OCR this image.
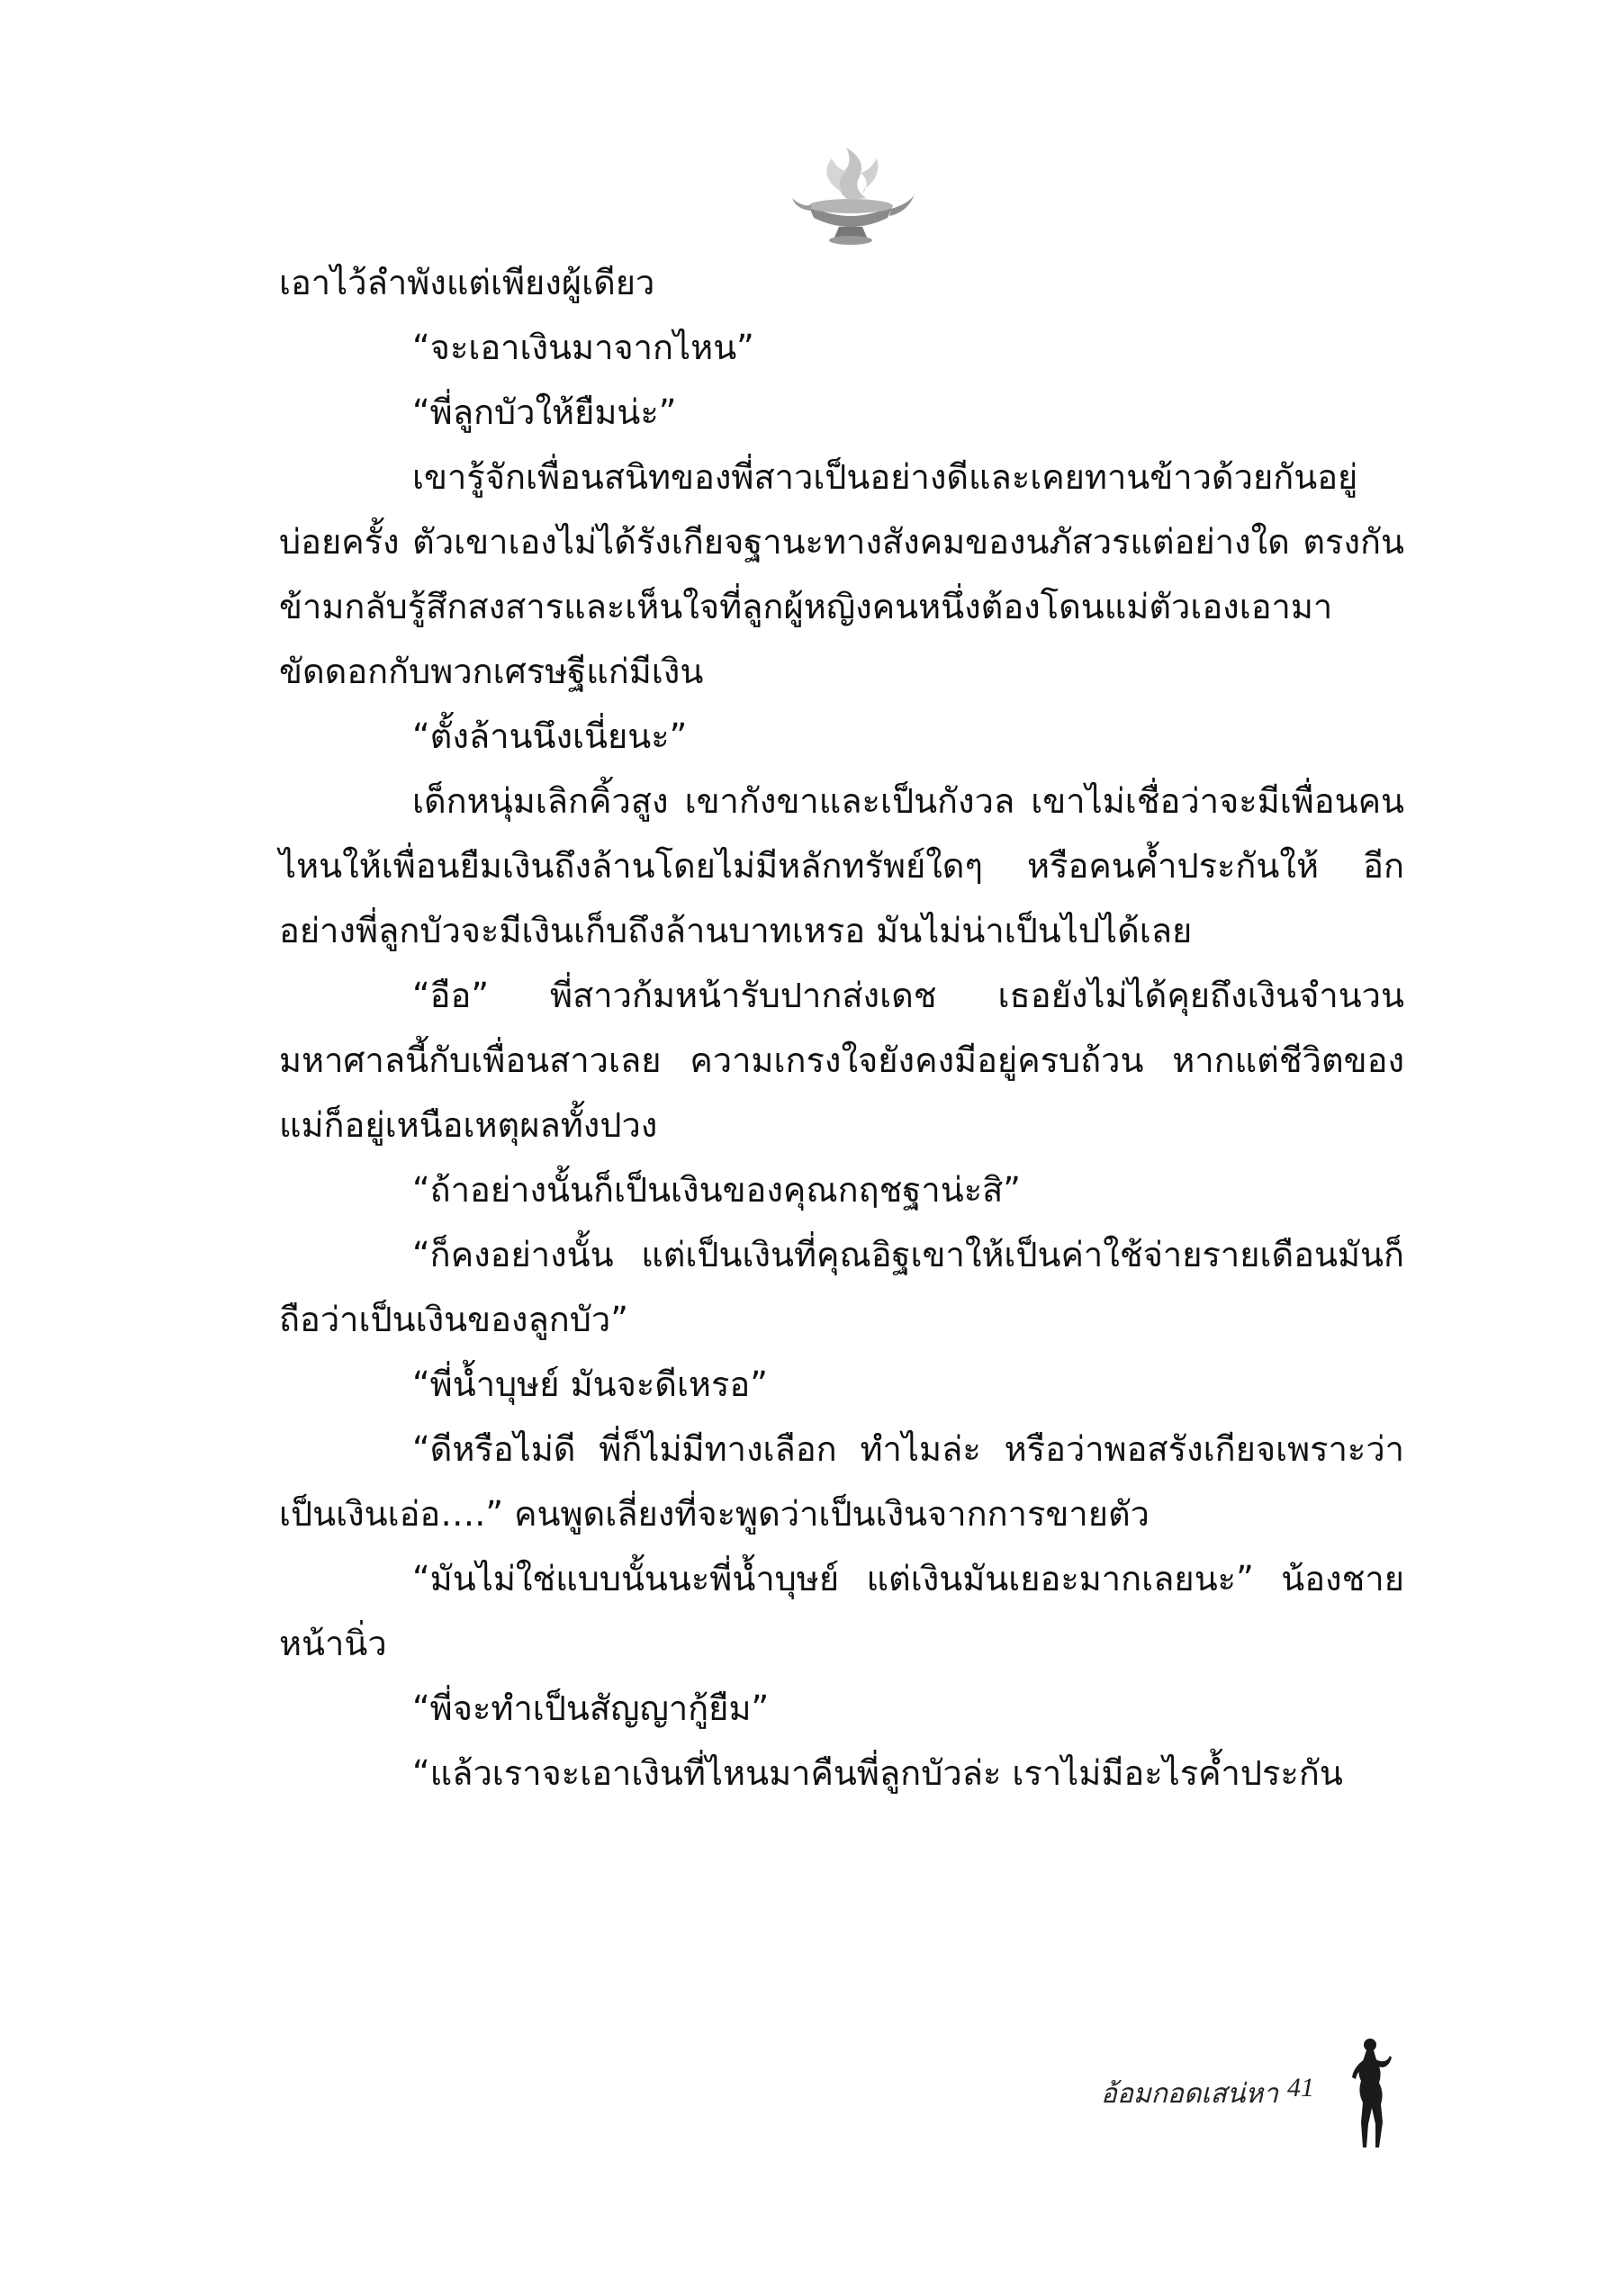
เอาไว้ลำพังแต่เพียงผู้เดียว

“จะเอาเงินมาจากไหน”

“พี่ลูกบัวให้ยืมน่ะ”

เขารู้จักเพื่อนสนิทของพี่สาวเป็นอย่างดีและเคยทานข้าวด้วยกันอยู่บ่อยครั้ง ตัวเขาเองไม่ได้รังเกียจฐานะทางสังคมของนภัสวรแต่อย่างใด ตรงกันข้ามกลับรู้สึกสงสารและเห็นใจที่ลูกผู้หญิงคนหนึ่งต้องโดนแม่ตัวเองเอามาขัดดอกกับพวกเศรษฐีแก่มีเงิน

“ตั้งล้านนึงเนี่ยนะ”

เด็กหนุ่มเลิกคิ้วสูง เขากังขาและเป็นกังวล เขาไม่เชื่อว่าจะมีเพื่อนคนไหนให้เพื่อนยืมเงินถึงล้านโดยไม่มีหลักทรัพย์ใดๆ หรือคนค้ำประกันให้ อีกอย่างพี่ลูกบัวจะมีเงินเก็บถึงล้านบาทเหรอ มันไม่น่าเป็นไปได้เลย

“อือ” พี่สาวก้มหน้ารับปากส่งเดช เธอยังไม่ได้คุยถึงเงินจำนวนมหาศาลนี้กับเพื่อนสาวเลย ความเกรงใจยังคงมีอยู่ครบถ้วน หากแต่ชีวิตของแม่ก็อยู่เหนือเหตุผลทั้งปวง

“ถ้าอย่างนั้นก็เป็นเงินของคุณกฤชฐาน่ะสิ”

“ก็คงอย่างนั้น แต่เป็นเงินที่คุณอิฐเขาให้เป็นค่าใช้จ่ายรายเดือนมันก็ถือว่าเป็นเงินของลูกบัว”

“พี่น้ำบุษย์ มันจะดีเหรอ”

“ดีหรือไม่ดี พี่ก็ไม่มีทางเลือก ทำไมล่ะ หรือว่าพอสรังเกียจเพราะว่าเป็นเงินเอ่อ….” คนพูดเลี่ยงที่จะพูดว่าเป็นเงินจากการขายตัว

“มันไม่ใช่แบบนั้นนะพี่น้ำบุษย์ แต่เงินมันเยอะมากเลยนะ” น้องชายหน้านิ่ว

“พี่จะทำเป็นสัญญากู้ยืม”

“แล้วเราจะเอาเงินที่ไหนมาคืนพี่ลูกบัวล่ะ เราไม่มีอะไรค้ำประกัน

อ้อมกอดเสน่หา 41
